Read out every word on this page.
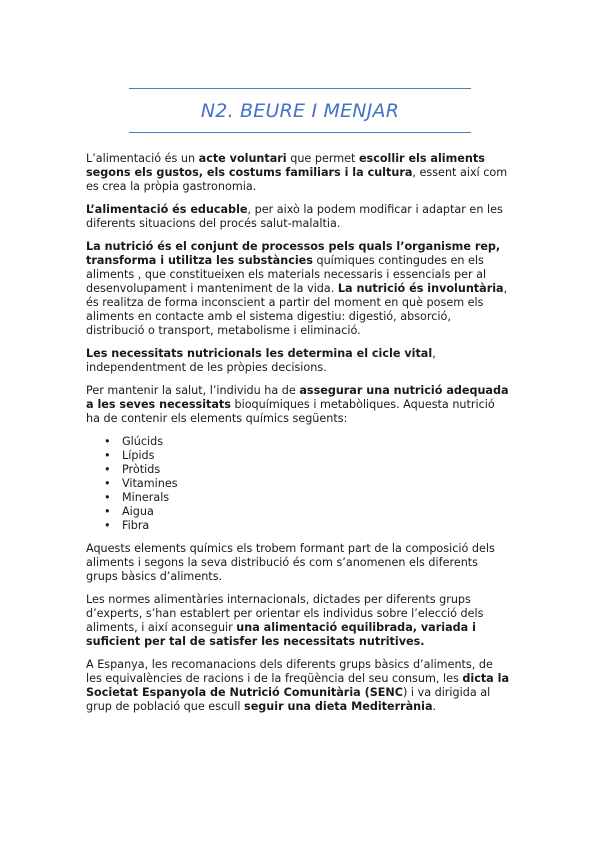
N2. BEURE I MENJAR

L’alimentació és un acte voluntari que permet escollir els aliments segons els gustos, els costums familiars i la cultura, essent així com es crea la pròpia gastronomia.

L’alimentació és educable, per això la podem modificar i adaptar en les diferents situacions del procés salut-malaltia.

La nutrició és el conjunt de processos pels quals l’organisme rep, transforma i utilitza les substàncies químiques contingudes en els aliments , que constitueixen els materials necessaris i essencials per al desenvolupament i manteniment de la vida. La nutrició és involuntària, és realitza de forma inconscient a partir del moment en què posem els aliments en contacte amb el sistema digestiu: digestió, absorció, distribució o transport, metabolisme i eliminació.

Les necessitats nutricionals les determina el cicle vital, independentment de les pròpies decisions.

Per mantenir la salut, l’individu ha de assegurar una nutrició adequada a les seves necessitats bioquímiques i metabòliques. Aquesta nutrició ha de contenir els elements químics següents:

• Glúcids
• Lípids
• Pròtids
• Vitamines
• Minerals
• Aigua
• Fibra

Aquests elements químics els trobem formant part de la composició dels aliments i segons la seva distribució és com s’anomenen els diferents grups bàsics d’aliments.

Les normes alimentàries internacionals, dictades per diferents grups d’experts, s’han establert per orientar els individus sobre l’elecció dels aliments, i així aconseguir una alimentació equilibrada, variada i suficient per tal de satisfer les necessitats nutritives.

A Espanya, les recomanacions dels diferents grups bàsics d’aliments, de les equivalències de racions i de la freqüència del seu consum, les dicta la Societat Espanyola de Nutrició Comunitària (SENC) i va dirigida al grup de població que escull seguir una dieta Mediterrània.
